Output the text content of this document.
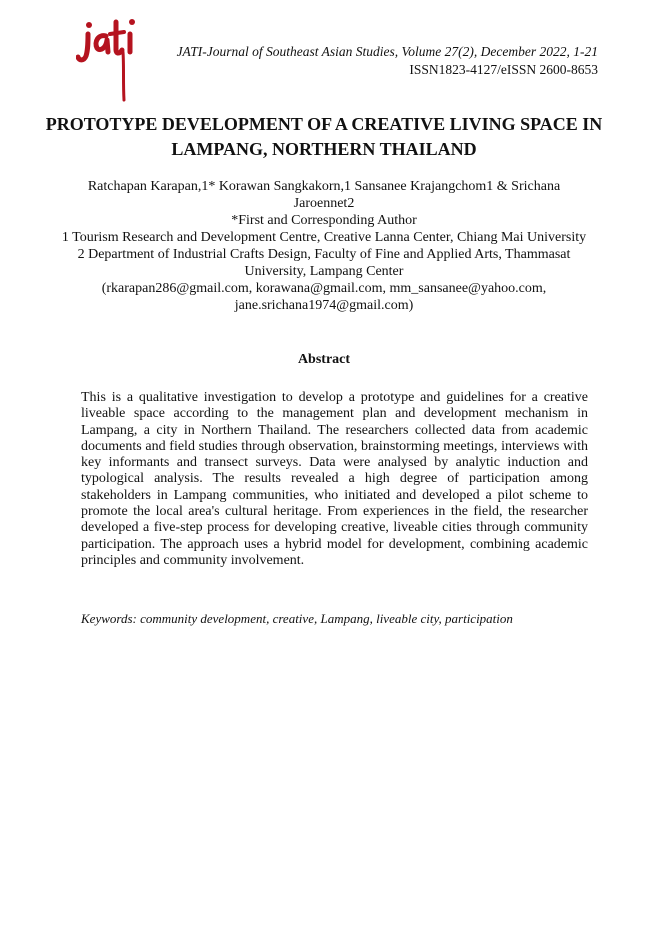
JATI-Journal of Southeast Asian Studies, Volume 27(2), December 2022, 1-21
ISSN1823-4127/eISSN 2600-8653
PROTOTYPE DEVELOPMENT OF A CREATIVE LIVING SPACE IN LAMPANG, NORTHERN THAILAND
Ratchapan Karapan,1* Korawan Sangkakorn,1 Sansanee Krajangchom1 & Srichana Jaroennet2
*First and Corresponding Author
1 Tourism Research and Development Centre, Creative Lanna Center, Chiang Mai University
2 Department of Industrial Crafts Design, Faculty of Fine and Applied Arts, Thammasat University, Lampang Center
(rkarapan286@gmail.com, korawana@gmail.com, mm_sansanee@yahoo.com, jane.srichana1974@gmail.com)
Abstract

This is a qualitative investigation to develop a prototype and guidelines for a creative liveable space according to the management plan and development mechanism in Lampang, a city in Northern Thailand. The researchers collected data from academic documents and field studies through observation, brainstorming meetings, interviews with key informants and transect surveys. Data were analysed by analytic induction and typological analysis. The results revealed a high degree of participation among stakeholders in Lampang communities, who initiated and developed a pilot scheme to promote the local area's cultural heritage. From experiences in the field, the researcher developed a five-step process for developing creative, liveable cities through community participation. The approach uses a hybrid model for development, combining academic principles and community involvement.

Keywords: community development, creative, Lampang, liveable city, participation
